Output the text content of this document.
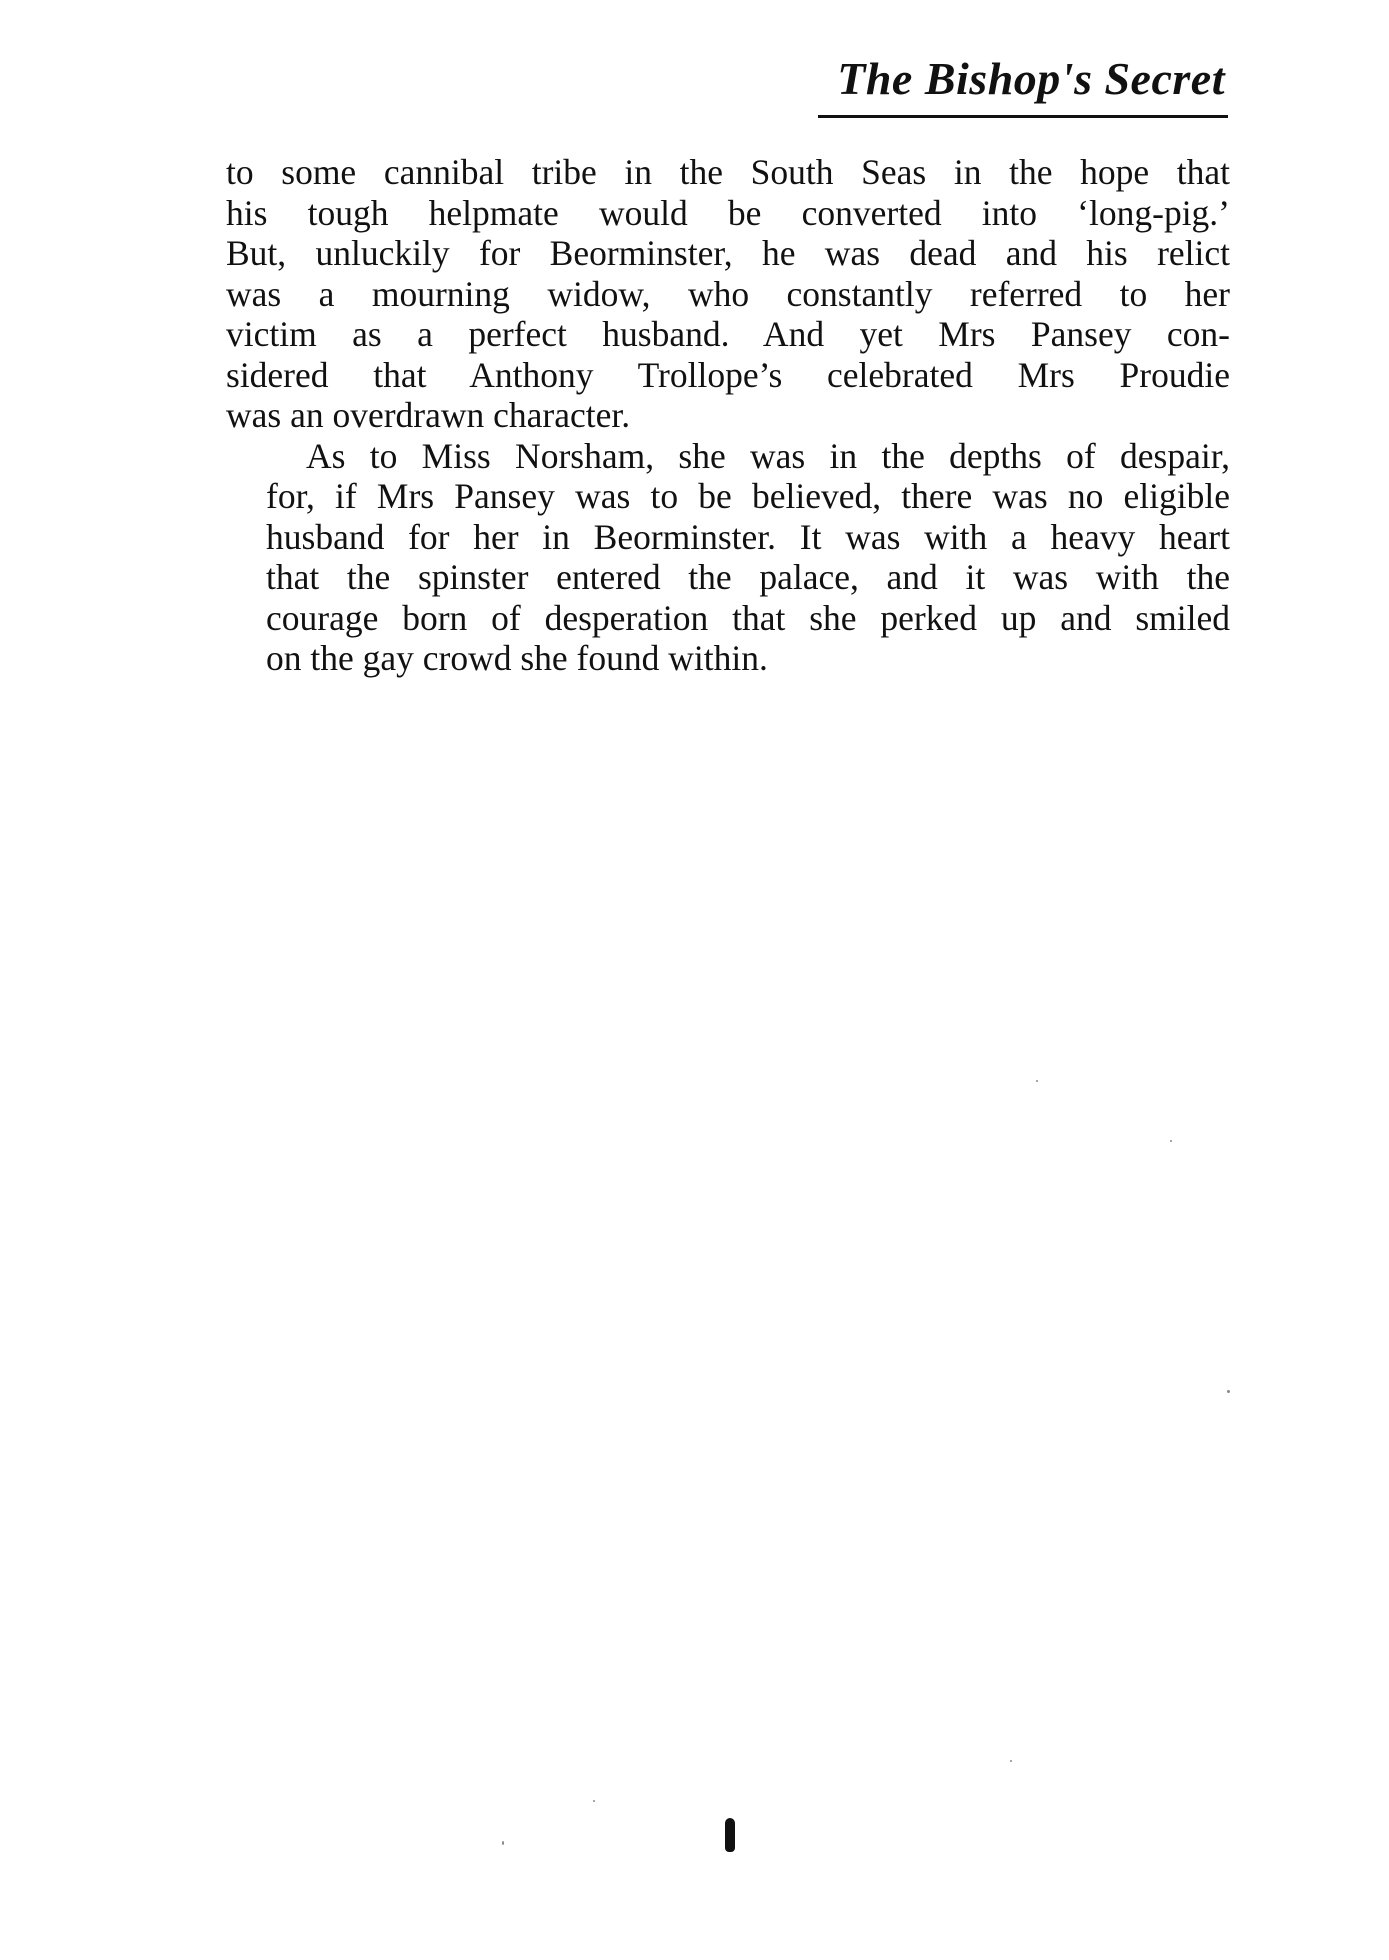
The Bishop's Secret

to some cannibal tribe in the South Seas in the hope that
his tough helpmate would be converted into ‘long-pig.’
But, unluckily for Beorminster, he was dead and his relict
was a mourning widow, who constantly referred to her
victim as a perfect husband. And yet Mrs Pansey con-
sidered that Anthony Trollope’s celebrated Mrs Proudie
was an overdrawn character.

As to Miss Norsham, she was in the depths of despair,
for, if Mrs Pansey was to be believed, there was no eligible
husband for her in Beorminster. It was with a heavy heart
that the spinster entered the palace, and it was with the
courage born of desperation that she perked up and smiled
on the gay crowd she found within.
